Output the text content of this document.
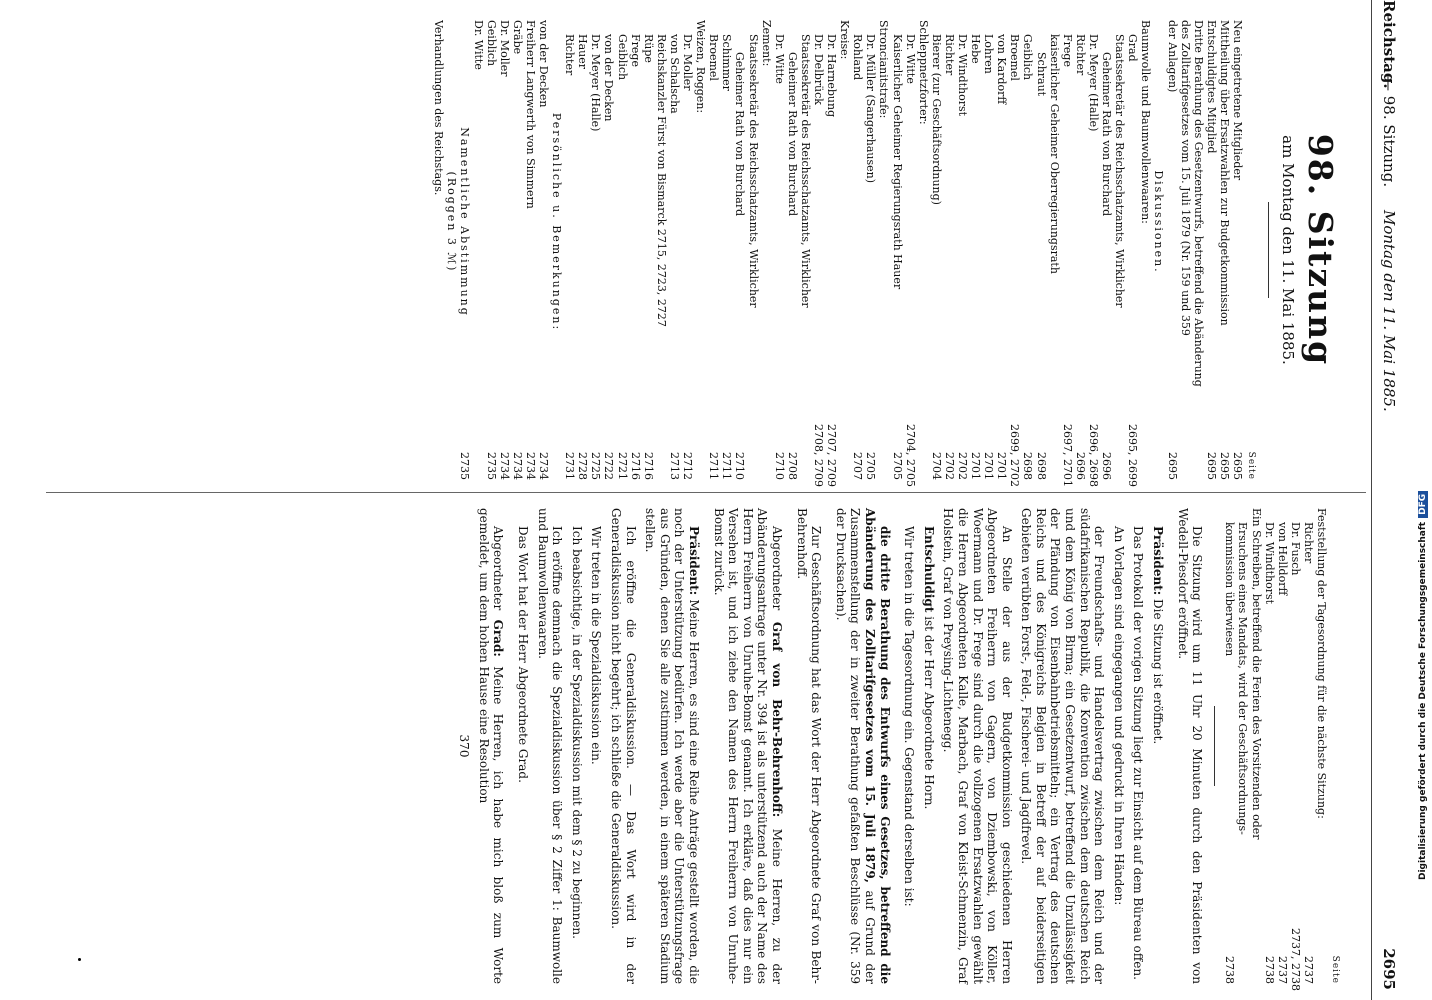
Reichstag.
— 98. Sitzung.
Montag den 11. Mai 1885.
2695
98. Sitzung
am Montag den 11. Mai 1885.
Seite
Neu eingetretene Mitglieder
2695
Mittheilung über Ersatzwahlen zur Budgetkommission
2695
Entschuldigtes Mitglied
2695
Dritte Berathung des Gesetzentwurfs, betreffend die Abänderung
des Zolltarifgesetzes vom 15. Juli 1879 (Nr. 159 und 359
der Anlagen)
2695
Diskussionen.
Baumwolle und Baumwollenwaaren:
Grad
2695, 2699
Staatssekretär des Reichsschatzamts, Wirklicher
Geheimer Rath von Burchard
2696
Dr. Meyer (Halle)
2696, 2698
Richter
2696
Frege
2697, 2701
kaiserlicher Geheimer Oberregierungsrath
Schraut
2698
Geiblich
2698
Broemel
2699, 2702
von Kardorff
2701
Lohren
2701
Hebe
2701
Dr. Windthorst
2702
Richter
2702
Bierer (zur Geschäftsordnung)
2704
Schleppnetzforter:
Dr. Witte
2704, 2705
Kaiserlicher Geheimer Regierungsrath Hauer
2705
Stroncianitstrafe:
Dr. Müller (Sangerhausen)
2705
Rohland
2707
Kreise:
Dr. Harnebung
2707, 2709
Dr. Delbrück
2708, 2709
Staatssekretär des Reichsschatzamts, Wirklicher
Geheimer Rath von Burchard
2708
Dr. Witte
2710
Zement:
Staatssekretär des Reichsschatzamts, Wirklicher
Geheimer Rath von Burchard
2710
Schimmer
2711
Broemel
2711
Weizen, Roggen:
Dr. Moller
2712
von Schalscha
2713
Reichskanzler Fürst von Bismarck 2715, 2723, 2727
Rüpe
2716
Frege
2716
Geiblich
2721
von der Decken
2722
Dr. Meyer (Halle)
2725
Hauer
2728
Richter
2731
Persönliche u. Bemerkungen:
von der Decken
2734
Freiherr Langwerth von Simmern
2734
Gräbe
2734
Dr. Moller
2734
Geiblich
2735
Dr. Witte
Namentliche Abstimmung
2735
(Roggen 3 ℳ)
Verhandlungen des Reichstags.
Seite
Feststellung der Tagesordnung für die nächste Sitzung:
Richter
2737
Dr. Fusch
2737, 2738
von Helldorff
2737
Dr. Windthorst
2738
Ein Schreiben, betreffend die Ferien des Vorsitzenden oder
Ersuchens eines Mandats, wird der Geschäftsordnungs-
kommission überwiesen
2738
Die Sitzung wird um 11 Uhr 20 Minuten durch den Präsidenten von Wedell-Piesdorf eröffnet.
Präsident: Die Sitzung ist eröffnet.
Das Protokoll der vorigen Sitzung liegt zur Einsicht auf dem Büreau offen.
An Vorlagen sind eingegangen und gedruckt in Ihren Händen:
der Freundschafts- und Handelsvertrag zwischen dem Reich und der südafrikanischen Republik, die Konvention zwischen dem deutschen Reich und dem König von Birma; ein Gesetzentwurf, betreffend die Unzulässigkeit der Pfändung von Eisenbahnbetriebsmitteln; ein Vertrag des deutschen Reichs und des Königreichs Belgien in Betreff der auf beiderseitigen Gebieten verübten Forst-, Feld-, Fischerei- und Jagdfrevel.
An Stelle der aus der Budgetkommission geschiedenen Herren Abgeordneten Freiherrn von Gagern, von Dziembowski, von Köller, Woermann und Dr. Frege sind durch die vollzogenen Ersatzwahlen gewählt die Herren Abgeordneten Kalle, Marbach, Graf von Kleist-Schmenzin, Graf Holstein, Graf von Preysing-Lichtenegg.
Entschuldigt ist der Herr Abgeordnete Horn.
Wir treten in die Tagesordnung ein. Gegenstand derselben ist:
die dritte Berathung des Entwurfs eines Gesetzes, betreffend die Abänderung des Zolltarifgesetzes vom 15. Juli 1879, auf Grund der Zusammenstellung der in zweiter Berathung gefaßten Beschlüsse (Nr. 359 der Drucksachen).
Zur Geschäftsordnung hat das Wort der Herr Abgeordnete Graf von Behr-Behrenhoff.
Abgeordneter Graf von Behr-Behrenhoff: Meine Herren, zu der Abänderungsantrage unter Nr. 394 ist als unterstützend auch der Name des Herrn Freiherrn von Unruhe-Bomst genannt. Ich erkläre, daß dies nur ein Versehen ist, und ich ziehe den Namen des Herrn Freiherrn von Unruhe-Bomst zurück.
Präsident: Meine Herren, es sind eine Reihe Anträge gestellt worden, die noch der Unterstützung bedürfen. Ich werde aber die Unterstützungsfrage aus Gründen, denen Sie alle zustimmen werden, in einem späteren Stadium stellen.
Ich eröffne die Generaldiskussion. — Das Wort wird in der Generaldiskussion nicht begehrt; ich schließe die Generaldiskussion.
Wir treten in die Spezialdiskussion ein.
Ich beabsichtige, in der Spezialdiskussion mit dem § 2 zu beginnen.
Ich eröffne demnach die Spezialdiskussion über § 2 Ziffer 1: Baumwolle und Baumwollenwaaren.
Das Wort hat der Herr Abgeordnete Grad.
Abgeordneter Grad: Meine Herren, ich habe mich bloß zum Worte gemeldet, um dem hohen Hause eine Resolution
370	Digitalisierung gefördert durch die Deutsche ForschungsgemeinschaftDFG
